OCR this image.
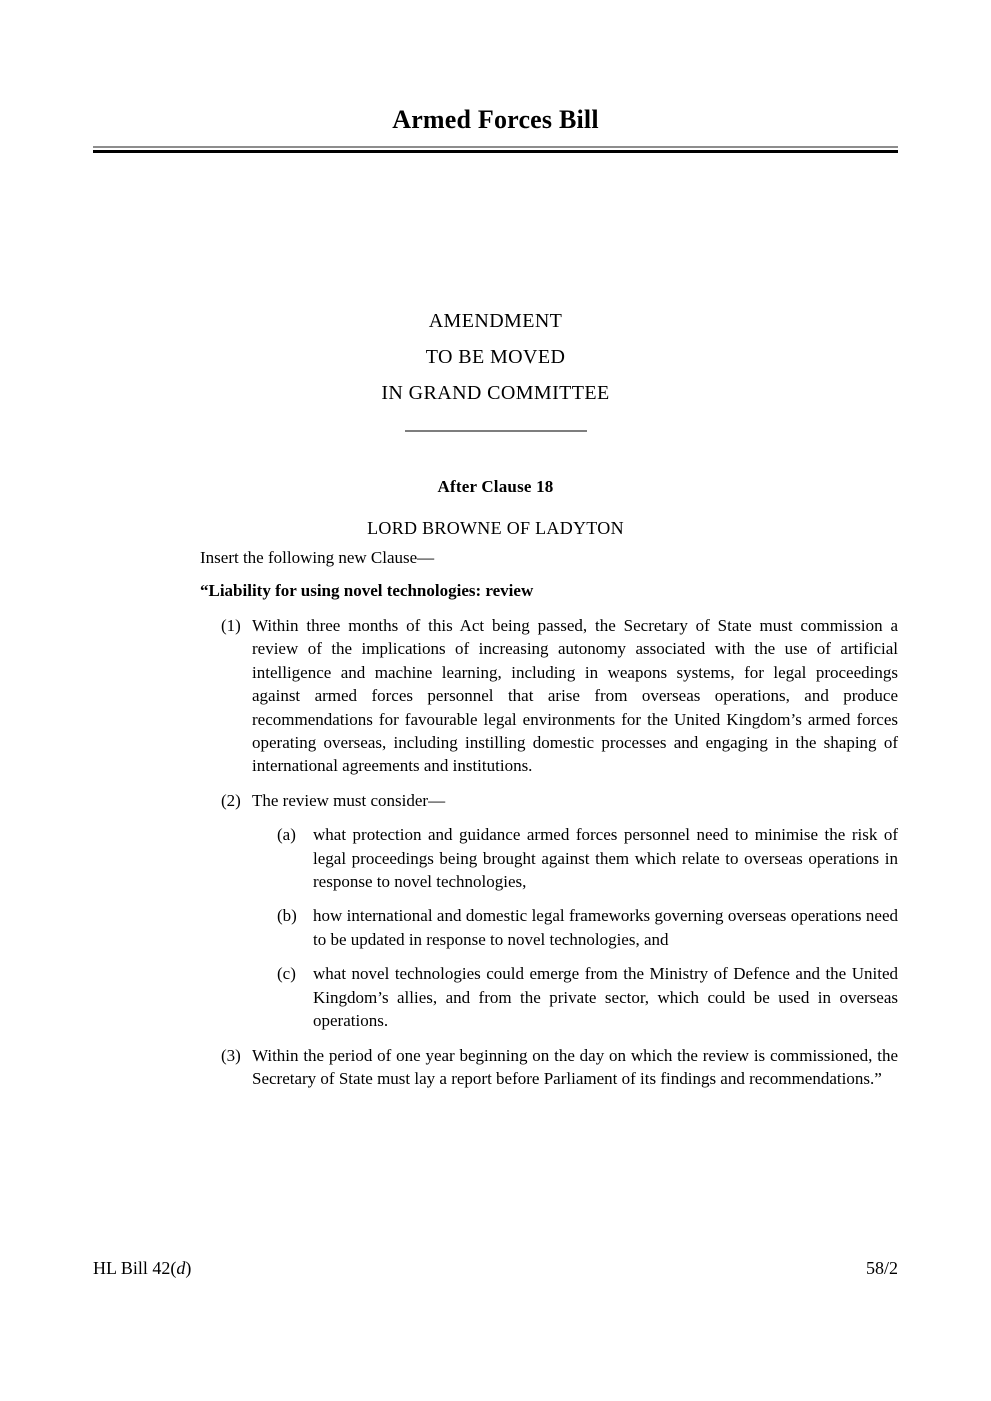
Armed Forces Bill
AMENDMENT
TO BE MOVED
IN GRAND COMMITTEE
After Clause 18
LORD BROWNE OF LADYTON

Insert the following new Clause—

“Liability for using novel technologies: review

(1) Within three months of this Act being passed, the Secretary of State must commission a review of the implications of increasing autonomy associated with the use of artificial intelligence and machine learning, including in weapons systems, for legal proceedings against armed forces personnel that arise from overseas operations, and produce recommendations for favourable legal environments for the United Kingdom’s armed forces operating overseas, including instilling domestic processes and engaging in the shaping of international agreements and institutions.
(2) The review must consider—
(a)	what protection and guidance armed forces personnel need to minimise the risk of legal proceedings being brought against them which relate to overseas operations in response to novel technologies,
(b) how international and domestic legal frameworks governing overseas operations need to be updated in response to novel technologies, and
(c)	what novel technologies could emerge from the Ministry of Defence and the United Kingdom’s allies, and from the private sector, which could be used in overseas operations.
(3) Within the period of one year beginning on the day on which the review is commissioned, the Secretary of State must lay a report before Parliament of its findings and recommendations.”
HL Bill 42(d)	58/2
